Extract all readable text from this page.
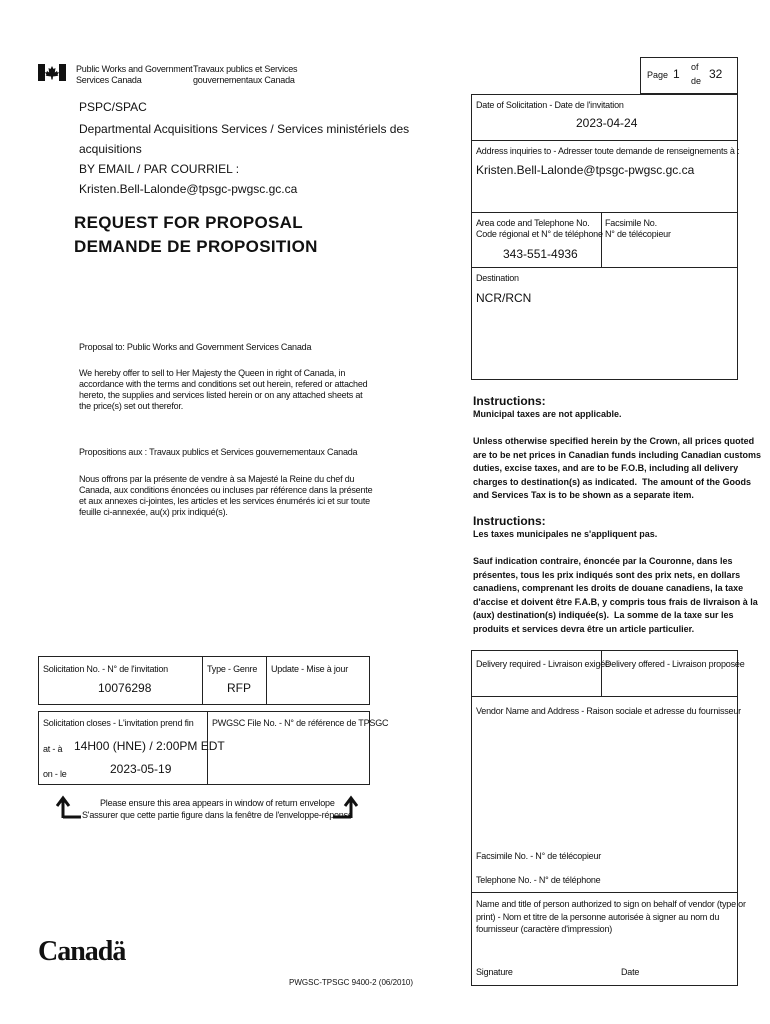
Public Works and Government
Services Canada
Travaux publics et Services
gouvernementaux Canada
PSPC/SPAC
Departmental Acquisitions Services / Services ministériels des
acquisitions
BY EMAIL / PAR COURRIEL :
Kristen.Bell-Lalonde@tpsgc-pwgsc.gc.ca
REQUEST FOR PROPOSAL
DEMANDE DE PROPOSITION
Page 1 of
de 32
Date of Solicitation - Date de l'invitation
2023-04-24
Address inquiries to - Adresser toute demande de renseignements à :
Kristen.Bell-Lalonde@tpsgc-pwgsc.gc.ca
Area code and Telephone No.
Code régional et N° de téléphone
343-551-4936
Facsimile No.
N° de télécopieur
Destination
NCR/RCN
Proposal to: Public Works and Government Services Canada
We hereby offer to sell to Her Majesty the Queen in right of Canada, in
accordance with the terms and conditions set out herein, refered or attached
hereto, the supplies and services listed herein or on any attached sheets at
the price(s) set out therefor.
Propositions aux : Travaux publics et Services gouvernementaux Canada
Nous offrons par la présente de vendre à sa Majesté la Reine du chef du
Canada, aux conditions énoncées ou incluses par référence dans la présente
et aux annexes ci-jointes, les articles et les services énumérés ici et sur toute
feuille ci-annexée, au(x) prix indiqué(s).
Instructions:
Municipal taxes are not applicable.
Unless otherwise specified herein by the Crown, all prices quoted
are to be net prices in Canadian funds including Canadian customs
duties, excise taxes, and are to be F.O.B, including all delivery
charges to destination(s) as indicated.  The amount of the Goods
and Services Tax is to be shown as a separate item.
Instructions:
Les taxes municipales ne s'appliquent pas.
Sauf indication contraire, énoncée par la Couronne, dans les
présentes, tous les prix indiqués sont des prix nets, en dollars
canadiens, comprenant les droits de douane canadiens, la taxe
d'accise et doivent être F.A.B, y compris tous frais de livraison à la
(aux) destination(s) indiquée(s).  La somme de la taxe sur les
produits et services devra être un article particulier.
Solicitation No. - N° de l'invitation
10076298
Type - Genre
RFP
Update - Mise à jour
Solicitation closes - L'invitation prend fin
at - à 14H00 (HNE) / 2:00PM EDT
on - le	2023-05-19
PWGSC File No. - N° de référence de TPSGC
Please ensure this area appears in window of return envelope
S'assurer que cette partie figure dans la fenêtre de l'enveloppe-réponse
Delivery required - Livraison exigée
Delivery offered - Livraison proposée
Vendor Name and Address - Raison sociale et adresse du fournisseur
Facsimile No. - N° de télécopieur
Telephone No. - N° de téléphone
Name and title of person authorized to sign on behalf of vendor (type or
print) - Nom et titre de la personne autorisée à signer au nom du
fournisseur (caractère d'impression)
Signature	Date
Canadä
PWGSC-TPSGC 9400-2 (06/2010)
